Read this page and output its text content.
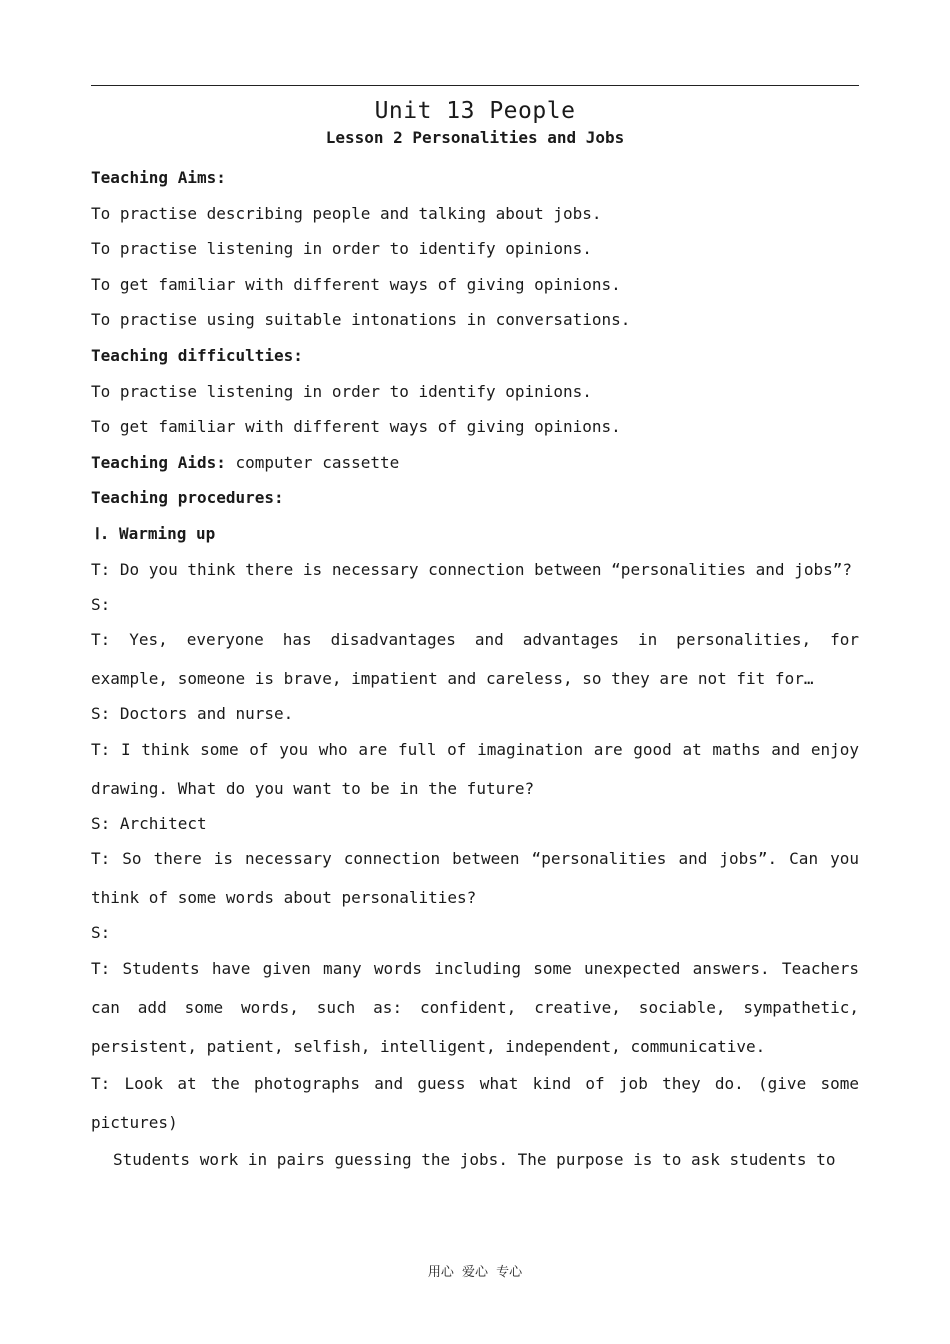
Unit 13 People
Lesson 2 Personalities and Jobs
Teaching Aims:
To practise describing people and talking about jobs.
To practise listening in order to identify opinions.
To get familiar with different ways of giving opinions.
To practise using suitable intonations in conversations.
Teaching difficulties:
To practise listening in order to identify opinions.
To get familiar with different ways of giving opinions.
Teaching Aids: computer cassette
Teaching procedures:
Ⅰ. Warming up
T: Do you think there is necessary connection between “personalities and jobs”?
S:
T: Yes, everyone has disadvantages and advantages in personalities, for example, someone is brave, impatient and careless, so they are not fit for…
S: Doctors and nurse.
T: I think some of you who are full of imagination are good at maths and enjoy drawing. What do you want to be in the future?
S: Architect
T: So there is necessary connection between “personalities and jobs”. Can you think of some words about personalities?
S:
T: Students have given many words including some unexpected answers. Teachers can add some words, such as: confident, creative, sociable, sympathetic, persistent, patient, selfish, intelligent, independent, communicative.
T: Look at the photographs and guess what kind of job they do. (give some pictures)
Students work in pairs guessing the jobs. The purpose is to ask students to
用心 爱心 专心
